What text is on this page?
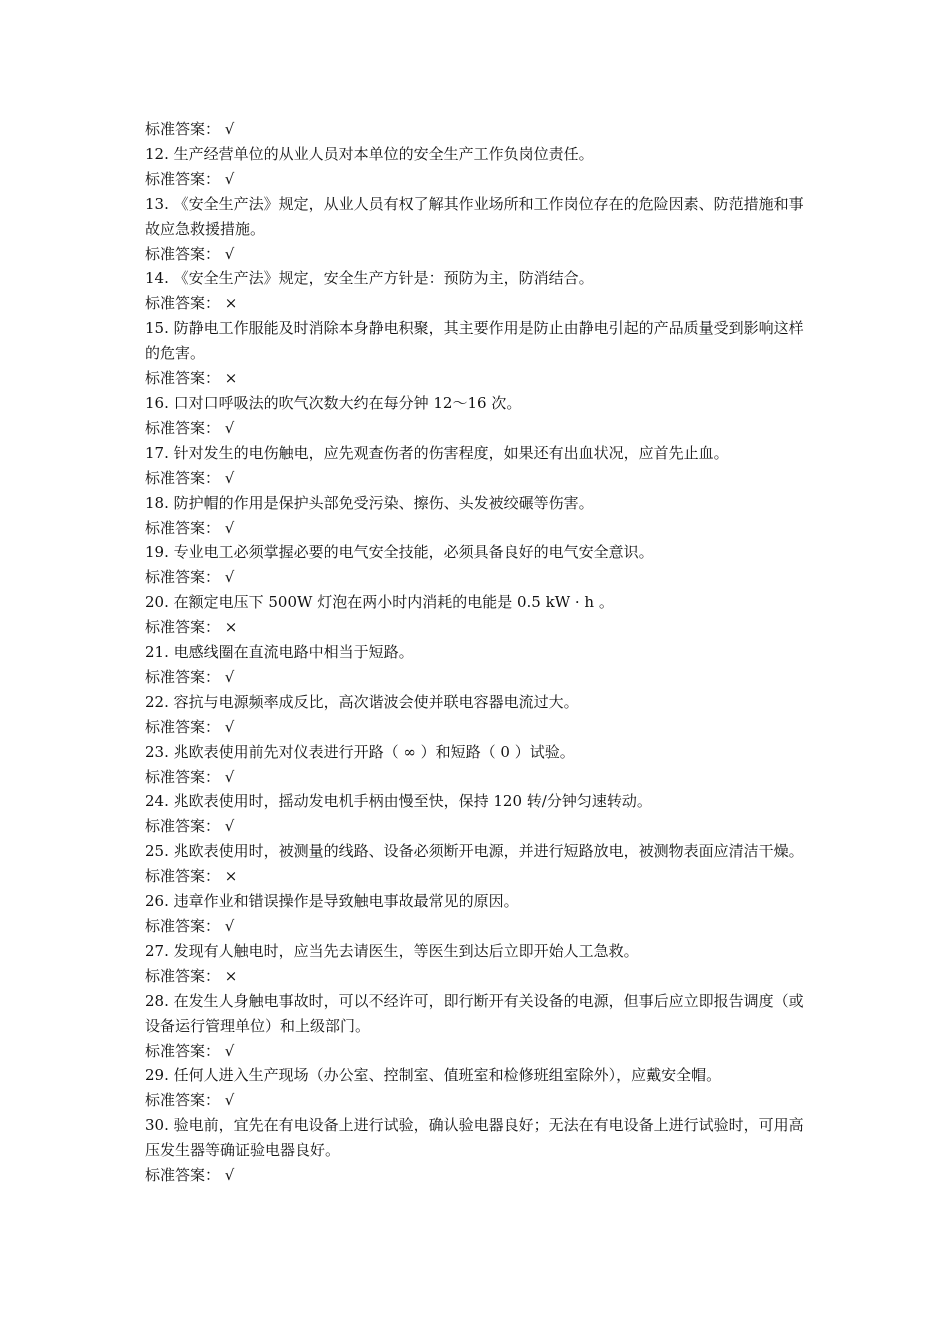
标准答案： √

12. 生产经营单位的从业人员对本单位的安全生产工作负岗位责任。

标准答案： √

13. 《安全生产法》规定，从业人员有权了解其作业场所和工作岗位存在的危险因素、防范措施和事故应急救援措施。

标准答案： √

14. 《安全生产法》规定，安全生产方针是：预防为主，防消结合。

标准答案： ×

15. 防静电工作服能及时消除本身静电积聚，其主要作用是防止由静电引起的产品质量受到影响这样的危害。

标准答案： ×

16. 口对口呼吸法的吹气次数大约在每分钟 12～16 次。

标准答案： √

17. 针对发生的电伤触电，应先观查伤者的伤害程度，如果还有出血状况，应首先止血。

标准答案： √

18. 防护帽的作用是保护头部免受污染、擦伤、头发被绞碾等伤害。

标准答案： √

19. 专业电工必须掌握必要的电气安全技能，必须具备良好的电气安全意识。

标准答案： √

20. 在额定电压下 500W 灯泡在两小时内消耗的电能是 0.5 kW · h 。

标准答案： ×

21. 电感线圈在直流电路中相当于短路。

标准答案： √

22. 容抗与电源频率成反比，高次谐波会使并联电容器电流过大。

标准答案： √

23. 兆欧表使用前先对仪表进行开路（ ∞ ）和短路（ 0 ）试验。

标准答案： √

24. 兆欧表使用时，摇动发电机手柄由慢至快，保持 120 转/分钟匀速转动。

标准答案： √

25. 兆欧表使用时，被测量的线路、设备必须断开电源，并进行短路放电，被测物表面应清洁干燥。

标准答案： ×

26. 违章作业和错误操作是导致触电事故最常见的原因。

标准答案： √

27. 发现有人触电时，应当先去请医生，等医生到达后立即开始人工急救。

标准答案： ×

28. 在发生人身触电事故时，可以不经许可，即行断开有关设备的电源，但事后应立即报告调度（或设备运行管理单位）和上级部门。

标准答案： √

29. 任何人进入生产现场（办公室、控制室、值班室和检修班组室除外），应戴安全帽。

标准答案： √

30. 验电前，宜先在有电设备上进行试验，确认验电器良好；无法在有电设备上进行试验时，可用高压发生器等确证验电器良好。

标准答案： √
